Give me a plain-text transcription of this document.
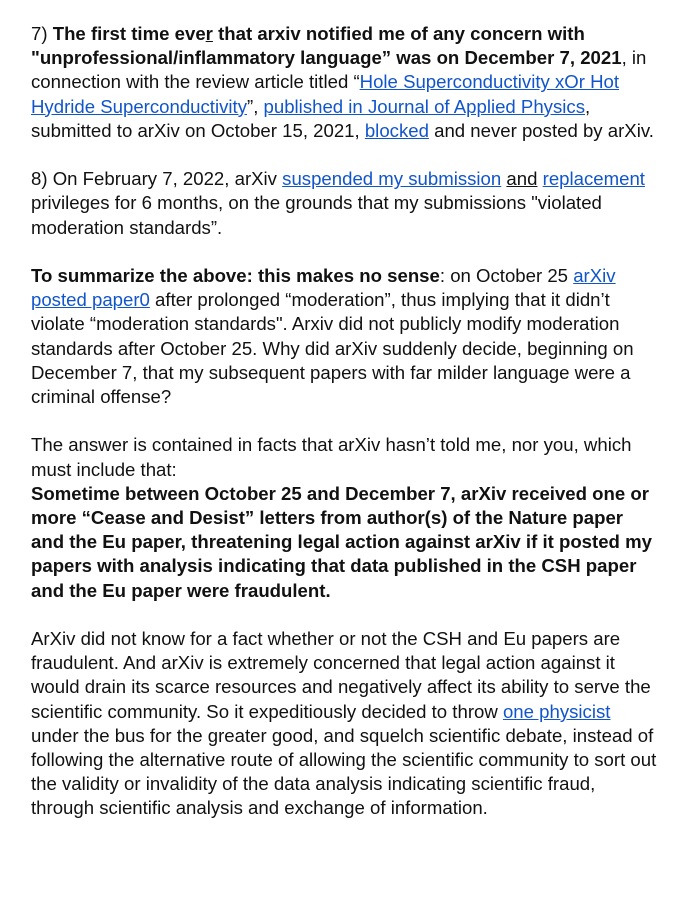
7) The first time ever that arxiv notified me of any concern with "unprofessional/inflammatory language” was on December 7, 2021, in connection with the review article titled “Hole Superconductivity xOr Hot Hydride Superconductivity”, published in Journal of Applied Physics, submitted to arXiv on October 15, 2021, blocked and never posted by arXiv.

8) On February 7, 2022, arXiv suspended my submission and replacement privileges for 6 months, on the grounds that my submissions "violated moderation standards”.

To summarize the above: this makes no sense: on October 25 arXiv posted paper0 after prolonged “moderation”, thus implying that it didn’t violate “moderation standards". Arxiv did not publicly modify moderation standards after October 25. Why did arXiv suddenly decide, beginning on December 7, that my subsequent papers with far milder language were a criminal offense?

The answer is contained in facts that arXiv hasn’t told me, nor you, which must include that:
Sometime between October 25 and December 7, arXiv received one or more “Cease and Desist” letters from author(s) of the Nature paper and the Eu paper, threatening legal action against arXiv if it posted my papers with analysis indicating that data published in the CSH paper and the Eu paper were fraudulent.

ArXiv did not know for a fact whether or not the CSH and Eu papers are fraudulent. And arXiv is extremely concerned that legal action against it would drain its scarce resources and negatively affect its ability to serve the scientific community. So it expeditiously decided to throw one physicist under the bus for the greater good, and squelch scientific debate, instead of following the alternative route of allowing the scientific community to sort out the validity or invalidity of the data analysis indicating scientific fraud, through scientific analysis and exchange of information.
